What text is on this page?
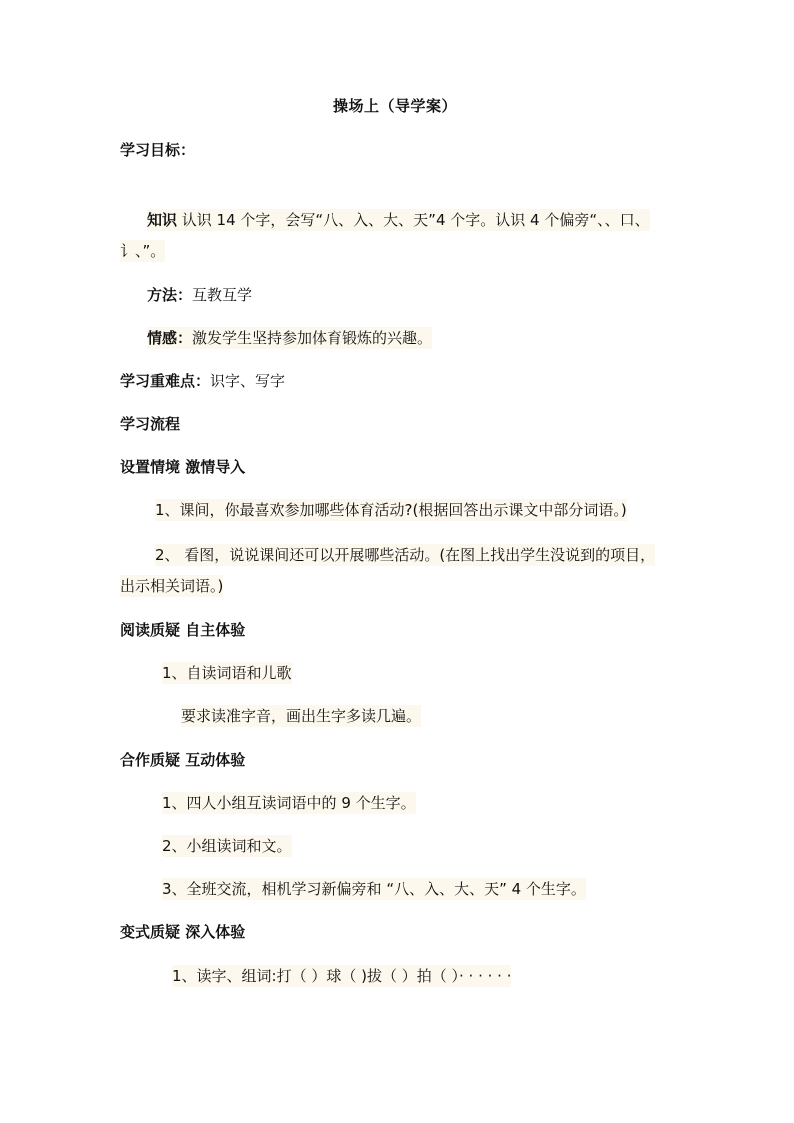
操场上（导学案）
学习目标：
知识 认识 14 个字，会写“八、入、大、天”4 个字。认识 4 个偏旁“、、口、
讠、”。
方法：互教互学
情感：激发学生坚持参加体育锻炼的兴趣。
学习重难点：识字、写字
学习流程
设置情境 激情导入
1、课间，你最喜欢参加哪些体育活动?(根据回答出示课文中部分词语。)
2、 看图，说说课间还可以开展哪些活动。(在图上找出学生没说到的项目，
出示相关词语。)
阅读质疑 自主体验
1、自读词语和儿歌
要求读准字音，画出生字多读几遍。
合作质疑 互动体验
1、四人小组互读词语中的 9 个生字。
2、小组读词和文。
3、全班交流，相机学习新偏旁和 “八、入、大、天” 4 个生字。
变式质疑 深入体验
1、读字、组词:打（ ）球（ )拔（ ）拍（ ）· · · · · ·
